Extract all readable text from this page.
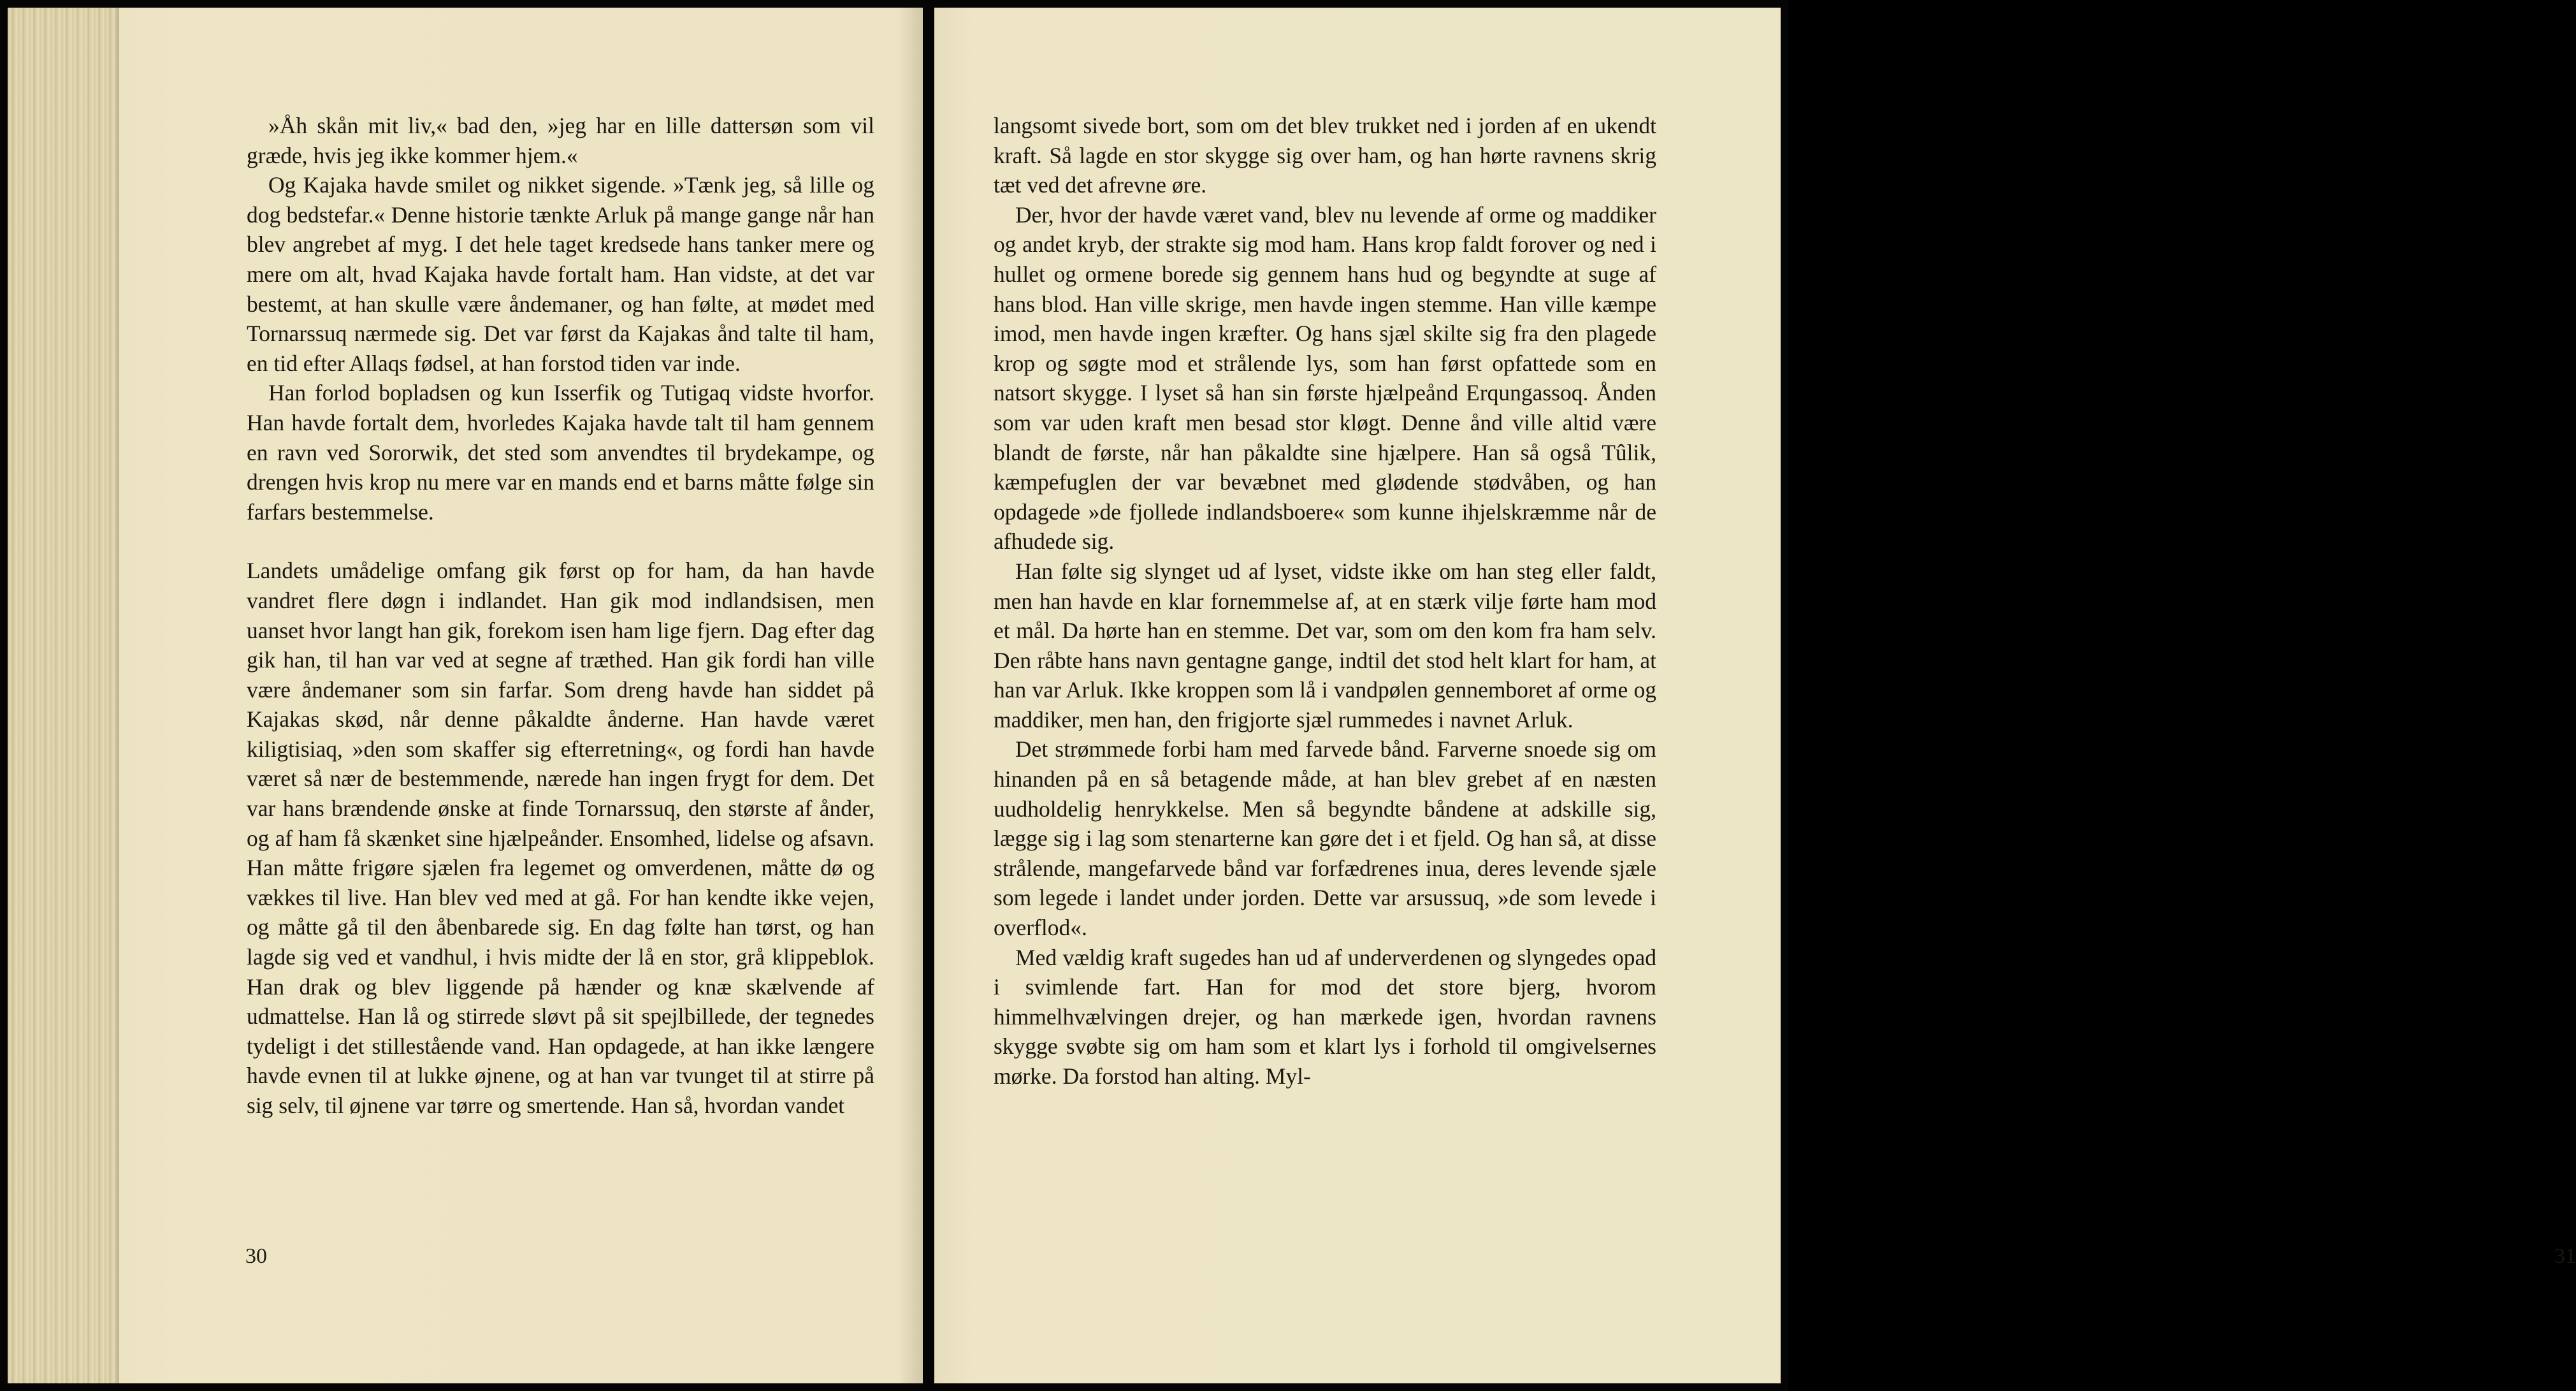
»Åh skån mit liv,« bad den, »jeg har en lille dattersøn som vil græde, hvis jeg ikke kommer hjem.«

Og Kajaka havde smilet og nikket sigende. »Tænk jeg, så lille og dog bedstefar.« Denne historie tænkte Arluk på mange gange når han blev angrebet af myg. I det hele taget kredsede hans tanker mere og mere om alt, hvad Kajaka havde fortalt ham. Han vidste, at det var bestemt, at han skulle være åndemaner, og han følte, at mødet med Tornarssuq nærmede sig. Det var først da Kajakas ånd talte til ham, en tid efter Allaqs fødsel, at han forstod tiden var inde.

Han forlod bopladsen og kun Isserfik og Tutigaq vidste hvorfor. Han havde fortalt dem, hvorledes Kajaka havde talt til ham gennem en ravn ved Sororwik, det sted som anvendtes til brydekampe, og drengen hvis krop nu mere var en mands end et barns måtte følge sin farfars bestemmelse.

Landets umådelige omfang gik først op for ham, da han havde vandret flere døgn i indlandet. Han gik mod indlandsisen, men uanset hvor langt han gik, forekom isen ham lige fjern. Dag efter dag gik han, til han var ved at segne af træthed. Han gik fordi han ville være åndemaner som sin farfar. Som dreng havde han siddet på Kajakas skød, når denne påkaldte ånderne. Han havde været kiligtisiaq, »den som skaffer sig efterretning«, og fordi han havde været så nær de bestemmende, nærede han ingen frygt for dem. Det var hans brændende ønske at finde Tornarssuq, den største af ånder, og af ham få skænket sine hjælpeånder. Ensomhed, lidelse og afsavn. Han måtte frigøre sjælen fra legemet og omverdenen, måtte dø og vækkes til live. Han blev ved med at gå. For han kendte ikke vejen, og måtte gå til den åbenbarede sig. En dag følte han tørst, og han lagde sig ved et vandhul, i hvis midte der lå en stor, grå klippeblok. Han drak og blev liggende på hænder og knæ skælvende af udmattelse. Han lå og stirrede sløvt på sit spejlbillede, der tegnedes tydeligt i det stillestående vand. Han opdagede, at han ikke længere havde evnen til at lukke øjnene, og at han var tvunget til at stirre på sig selv, til øjnene var tørre og smertende. Han så, hvordan vandet

30

langsomt sivede bort, som om det blev trukket ned i jorden af en ukendt kraft. Så lagde en stor skygge sig over ham, og han hørte ravnens skrig tæt ved det afrevne øre.

Der, hvor der havde været vand, blev nu levende af orme og maddiker og andet kryb, der strakte sig mod ham. Hans krop faldt forover og ned i hullet og ormene borede sig gennem hans hud og begyndte at suge af hans blod. Han ville skrige, men havde ingen stemme. Han ville kæmpe imod, men havde ingen kræfter. Og hans sjæl skilte sig fra den plagede krop og søgte mod et strålende lys, som han først opfattede som en natsort skygge. I lyset så han sin første hjælpeånd Erqungassoq. Ånden som var uden kraft men besad stor kløgt. Denne ånd ville altid være blandt de første, når han påkaldte sine hjælpere. Han så også Tûlik, kæmpefuglen der var bevæbnet med glødende stødvåben, og han opdagede »de fjollede indlandsboere« som kunne ihjelskræmme når de afhudede sig.

Han følte sig slynget ud af lyset, vidste ikke om han steg eller faldt, men han havde en klar fornemmelse af, at en stærk vilje førte ham mod et mål. Da hørte han en stemme. Det var, som om den kom fra ham selv. Den råbte hans navn gentagne gange, indtil det stod helt klart for ham, at han var Arluk. Ikke kroppen som lå i vandpølen gennemboret af orme og maddiker, men han, den frigjorte sjæl rummedes i navnet Arluk.

Det strømmede forbi ham med farvede bånd. Farverne snoede sig om hinanden på en så betagende måde, at han blev grebet af en næsten uudholdelig henrykkelse. Men så begyndte båndene at adskille sig, lægge sig i lag som stenarterne kan gøre det i et fjeld. Og han så, at disse strålende, mangefarvede bånd var forfædrenes inua, deres levende sjæle som legede i landet under jorden. Dette var arsussuq, »de som levede i overflod«.

Med vældig kraft sugedes han ud af underverdenen og slyngedes opad i svimlende fart. Han for mod det store bjerg, hvorom himmelhvælvingen drejer, og han mærkede igen, hvordan ravnens skygge svøbte sig om ham som et klart lys i forhold til omgivelsernes mørke. Da forstod han alting. Myl-

31
